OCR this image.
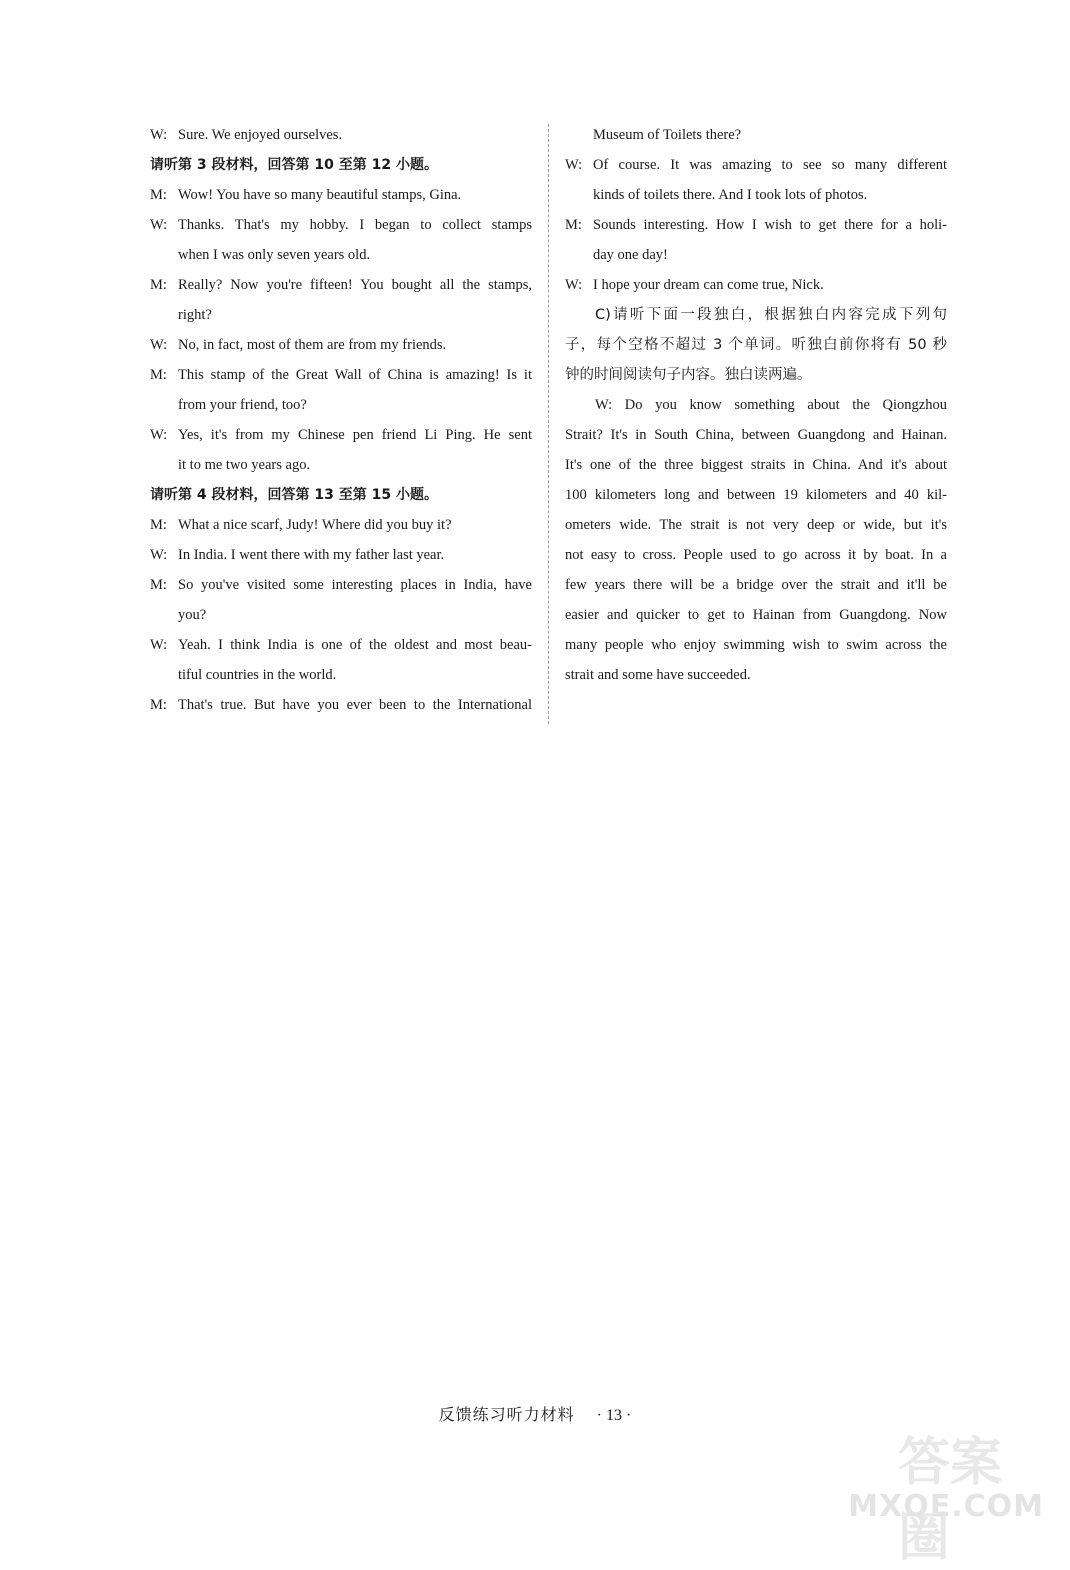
W: Sure. We enjoyed ourselves.
请听第 3 段材料，回答第 10 至第 12 小题。
M: Wow! You have so many beautiful stamps, Gina.
W: Thanks. That's my hobby. I began to collect stamps
when I was only seven years old.
M: Really? Now you're fifteen! You bought all the stamps,
right?
W: No, in fact, most of them are from my friends.
M: This stamp of the Great Wall of China is amazing! Is it
from your friend, too?
W: Yes, it's from my Chinese pen friend Li Ping. He sent
it to me two years ago.
请听第 4 段材料，回答第 13 至第 15 小题。
M: What a nice scarf, Judy! Where did you buy it?
W: In India. I went there with my father last year.
M: So you've visited some interesting places in India, have
you?
W: Yeah. I think India is one of the oldest and most beau-
tiful countries in the world.
M: That's true. But have you ever been to the International
Museum of Toilets there?
W: Of course. It was amazing to see so many different
kinds of toilets there. And I took lots of photos.
M: Sounds interesting. How I wish to get there for a holi-
day one day!
W: I hope your dream can come true, Nick.
C)请听下面一段独白，根据独白内容完成下列句
子，每个空格不超过 3 个单词。听独白前你将有 50 秒
钟的时间阅读句子内容。独白读两遍。
W: Do you know something about the Qiongzhou
Strait? It's in South China, between Guangdong and Hainan.
It's one of the three biggest straits in China. And it's about
100 kilometers long and between 19 kilometers and 40 kil-
ometers wide. The strait is not very deep or wide, but it's
not easy to cross. People used to go across it by boat. In a
few years there will be a bridge over the strait and it'll be
easier and quicker to get to Hainan from Guangdong. Now
many people who enjoy swimming wish to swim across the
strait and some have succeeded.
反馈练习听力材料 · 13 ·
答案圈
MXQE.COM
